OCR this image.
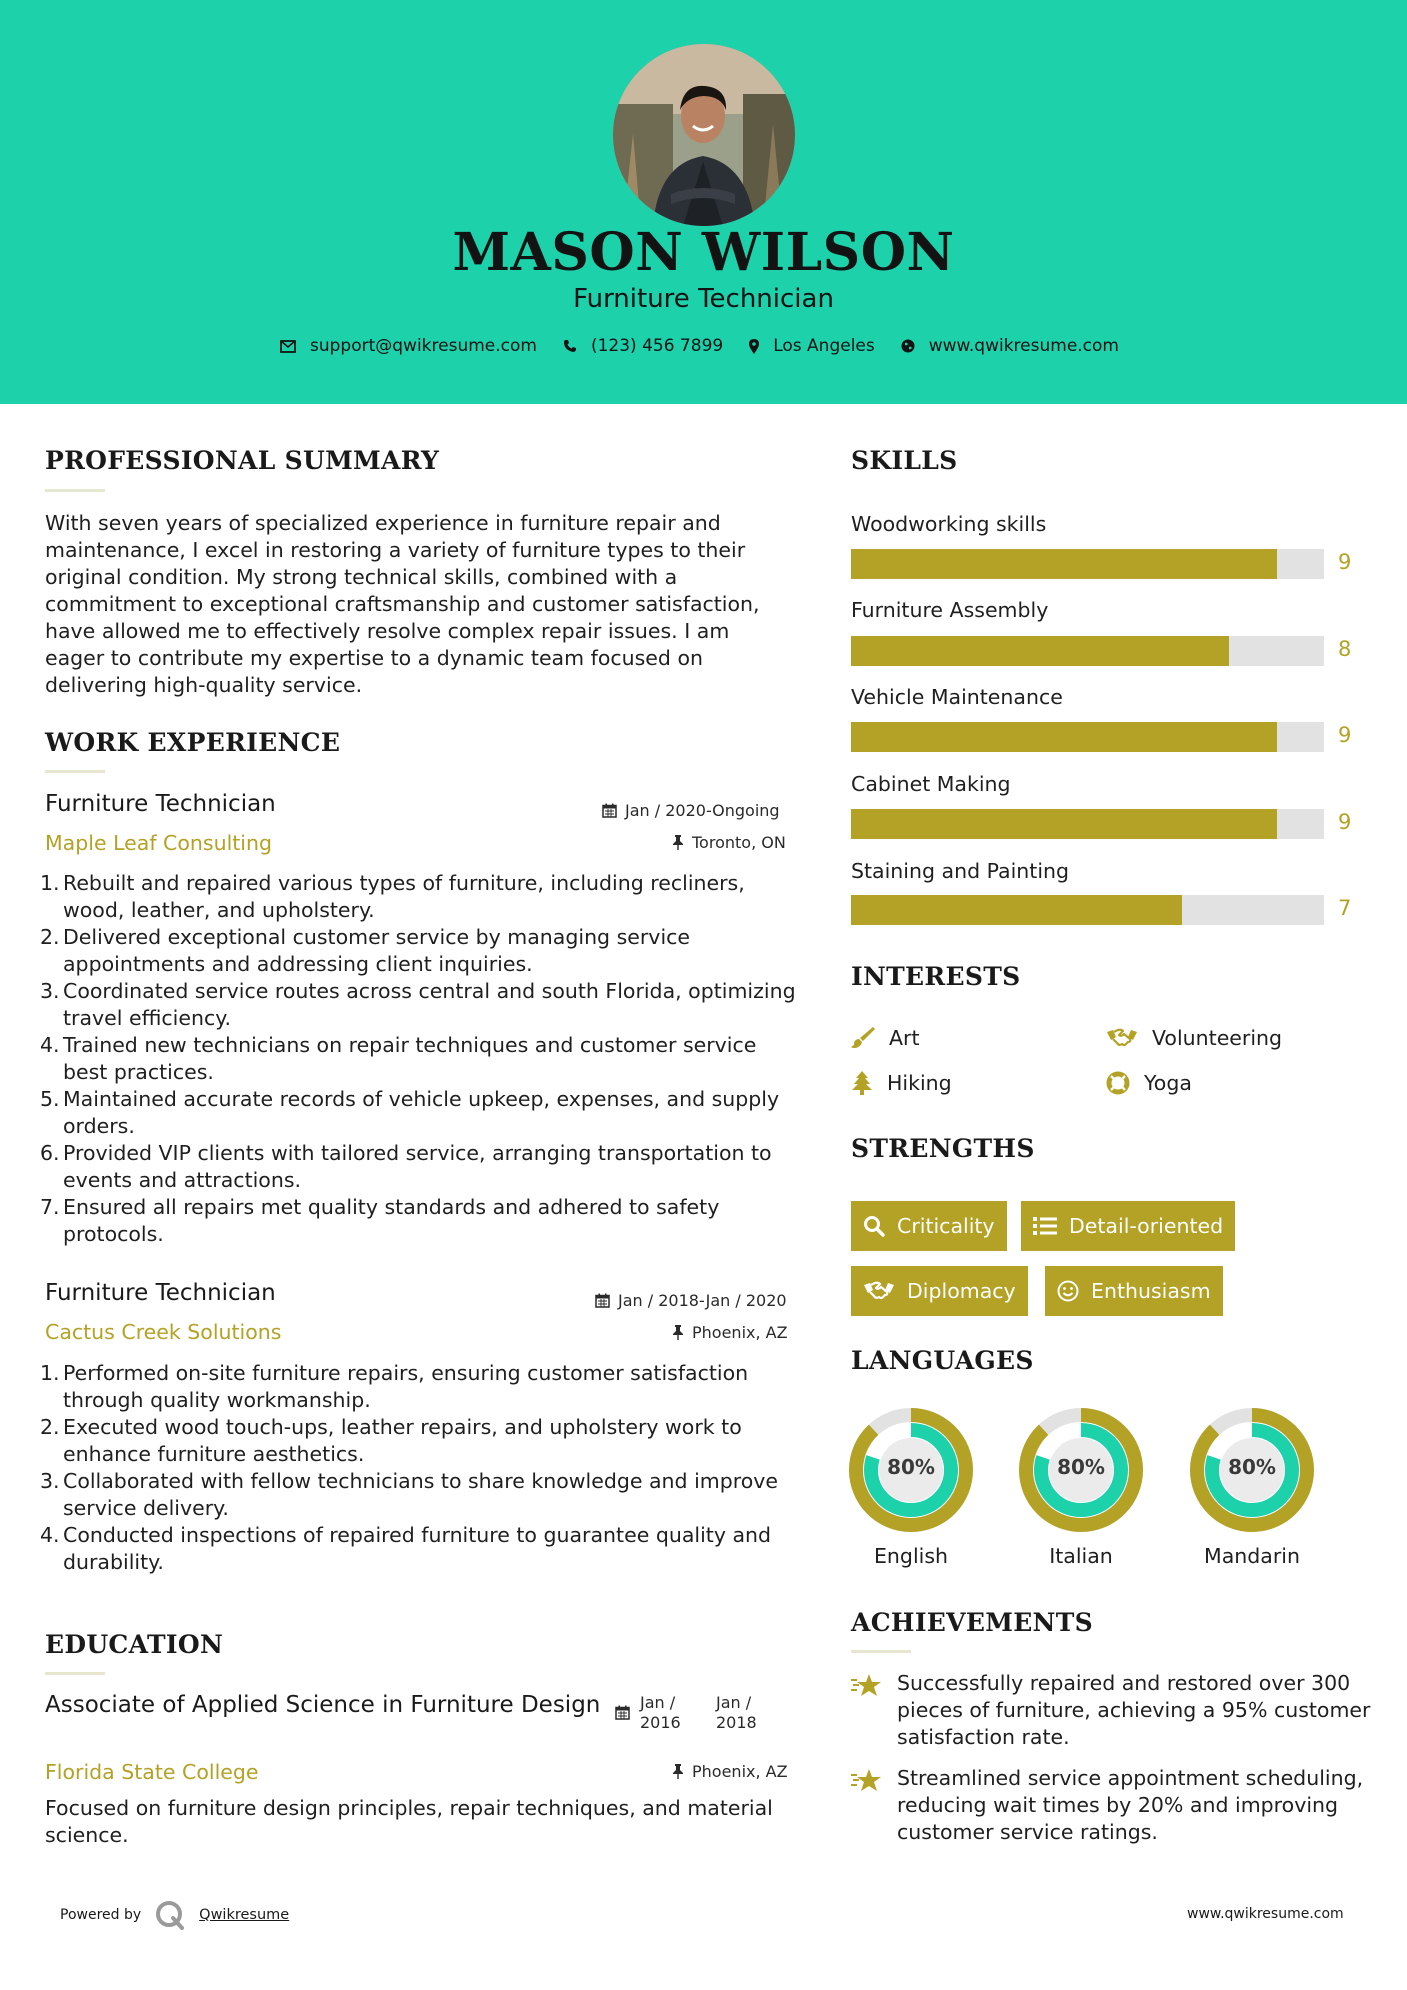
MASON WILSON
Furniture Technician
support@qwikresume.com	(123) 456 7899	Los Angeles	www.qwikresume.com
PROFESSIONAL SUMMARY
With seven years of specialized experience in furniture repair and maintenance, I excel in restoring a variety of furniture types to their original condition. My strong technical skills, combined with a commitment to exceptional craftsmanship and customer satisfaction, have allowed me to effectively resolve complex repair issues. I am eager to contribute my expertise to a dynamic team focused on delivering high-quality service.
WORK EXPERIENCE
Furniture Technician	Jan / 2020-Ongoing
Maple Leaf Consulting	Toronto, ON
1. Rebuilt and repaired various types of furniture, including recliners, wood, leather, and upholstery.
2. Delivered exceptional customer service by managing service appointments and addressing client inquiries.
3. Coordinated service routes across central and south Florida, optimizing travel efficiency.
4. Trained new technicians on repair techniques and customer service best practices.
5. Maintained accurate records of vehicle upkeep, expenses, and supply orders.
6. Provided VIP clients with tailored service, arranging transportation to events and attractions.
7. Ensured all repairs met quality standards and adhered to safety protocols.
Furniture Technician	Jan / 2018-Jan / 2020
Cactus Creek Solutions	Phoenix, AZ
1. Performed on-site furniture repairs, ensuring customer satisfaction through quality workmanship.
2. Executed wood touch-ups, leather repairs, and upholstery work to enhance furniture aesthetics.
3. Collaborated with fellow technicians to share knowledge and improve service delivery.
4. Conducted inspections of repaired furniture to guarantee quality and durability.
EDUCATION
Associate of Applied Science in Furniture Design Jan / 2016
Jan / 2018
Florida State College	Phoenix, AZ
Focused on furniture design principles, repair techniques, and material science.
SKILLS
Woodworking skills
9
Furniture Assembly
8
Vehicle Maintenance
9
Cabinet Making
9
Staining and Painting
7
INTERESTS
Art	Volunteering
Hiking	Yoga
STRENGTHS
Criticality	Detail-oriented
Diplomacy	Enthusiasm
LANGUAGES
80%
English
80%
Italian
80%
Mandarin
ACHIEVEMENTS
Successfully repaired and restored over 300 pieces of furniture, achieving a 95% customer satisfaction rate.
Streamlined service appointment scheduling, reducing wait times by 20% and improving customer service ratings.
Powered by	Qwikresume	www.qwikresume.com
